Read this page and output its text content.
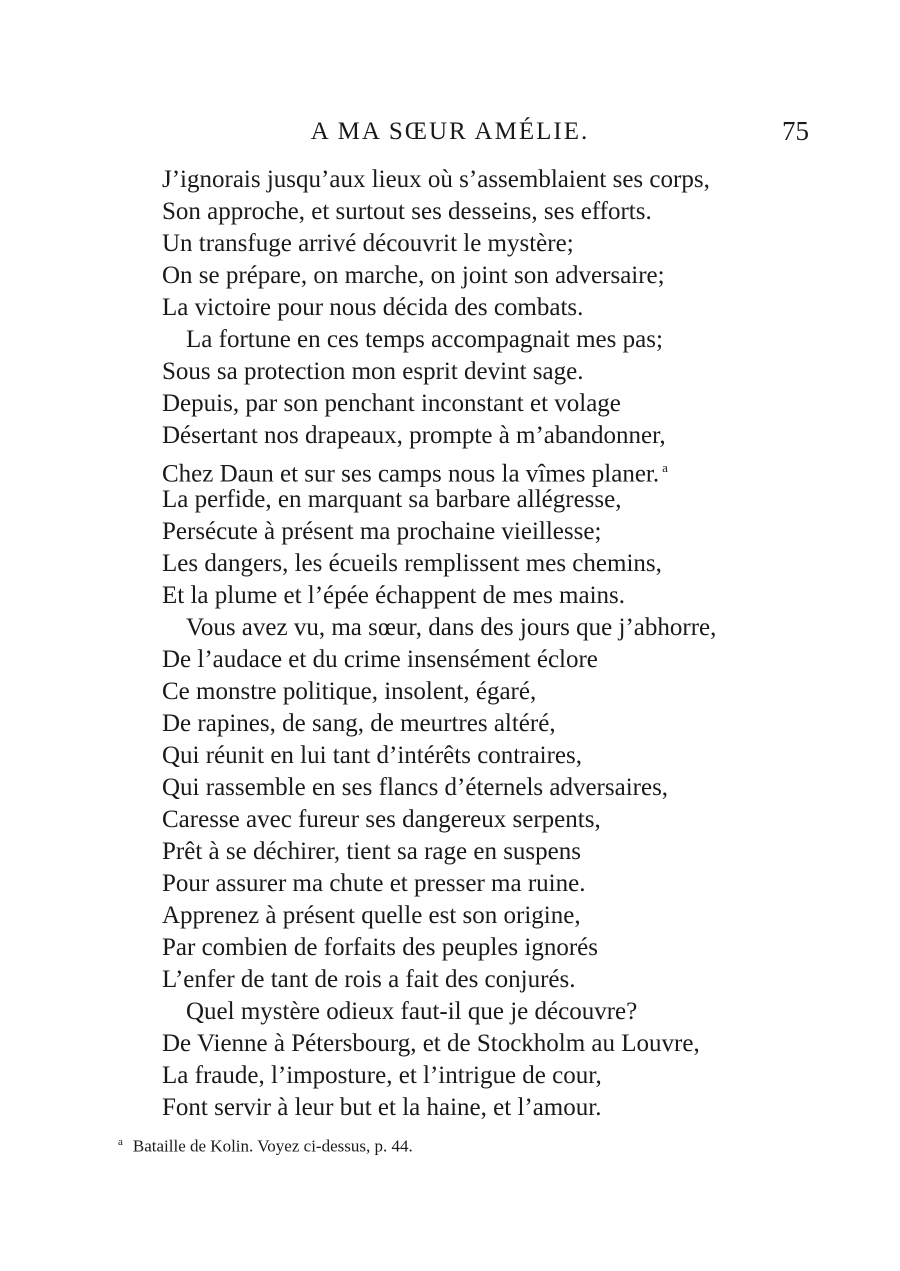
A MA SŒUR AMÉLIE.	75
J’ignorais jusqu’aux lieux où s’assemblaient ses corps,
Son approche, et surtout ses desseins, ses efforts.
Un transfuge arrivé découvrit le mystère;
On se prépare, on marche, on joint son adversaire;
La victoire pour nous décida des combats.
La fortune en ces temps accompagnait mes pas;
Sous sa protection mon esprit devint sage.
Depuis, par son penchant inconstant et volage
Désertant nos drapeaux, prompte à m’abandonner,
Chez Daun et sur ses camps nous la vîmes planer. $^a$
La perfide, en marquant sa barbare allégresse,
Persécute à présent ma prochaine vieillesse;
Les dangers, les écueils remplissent mes chemins,
Et la plume et l’épée échappent de mes mains.
Vous avez vu, ma sœur, dans des jours que j’abhorre,
De l’audace et du crime insensément éclore
Ce monstre politique, insolent, égaré,
De rapines, de sang, de meurtres altéré,
Qui réunit en lui tant d’intérêts contraires,
Qui rassemble en ses flancs d’éternels adversaires,
Caresse avec fureur ses dangereux serpents,
Prêt à se déchirer, tient sa rage en suspens
Pour assurer ma chute et presser ma ruine.
Apprenez à présent quelle est son origine,
Par combien de forfaits des peuples ignorés
L’enfer de tant de rois a fait des conjurés.
Quel mystère odieux faut-il que je découvre?
De Vienne à Pétersbourg, et de Stockholm au Louvre,
La fraude, l’imposture, et l’intrigue de cour,
Font servir à leur but et la haine, et l’amour.
$^a$ Bataille de Kolin. Voyez ci-dessus, p. 44.
